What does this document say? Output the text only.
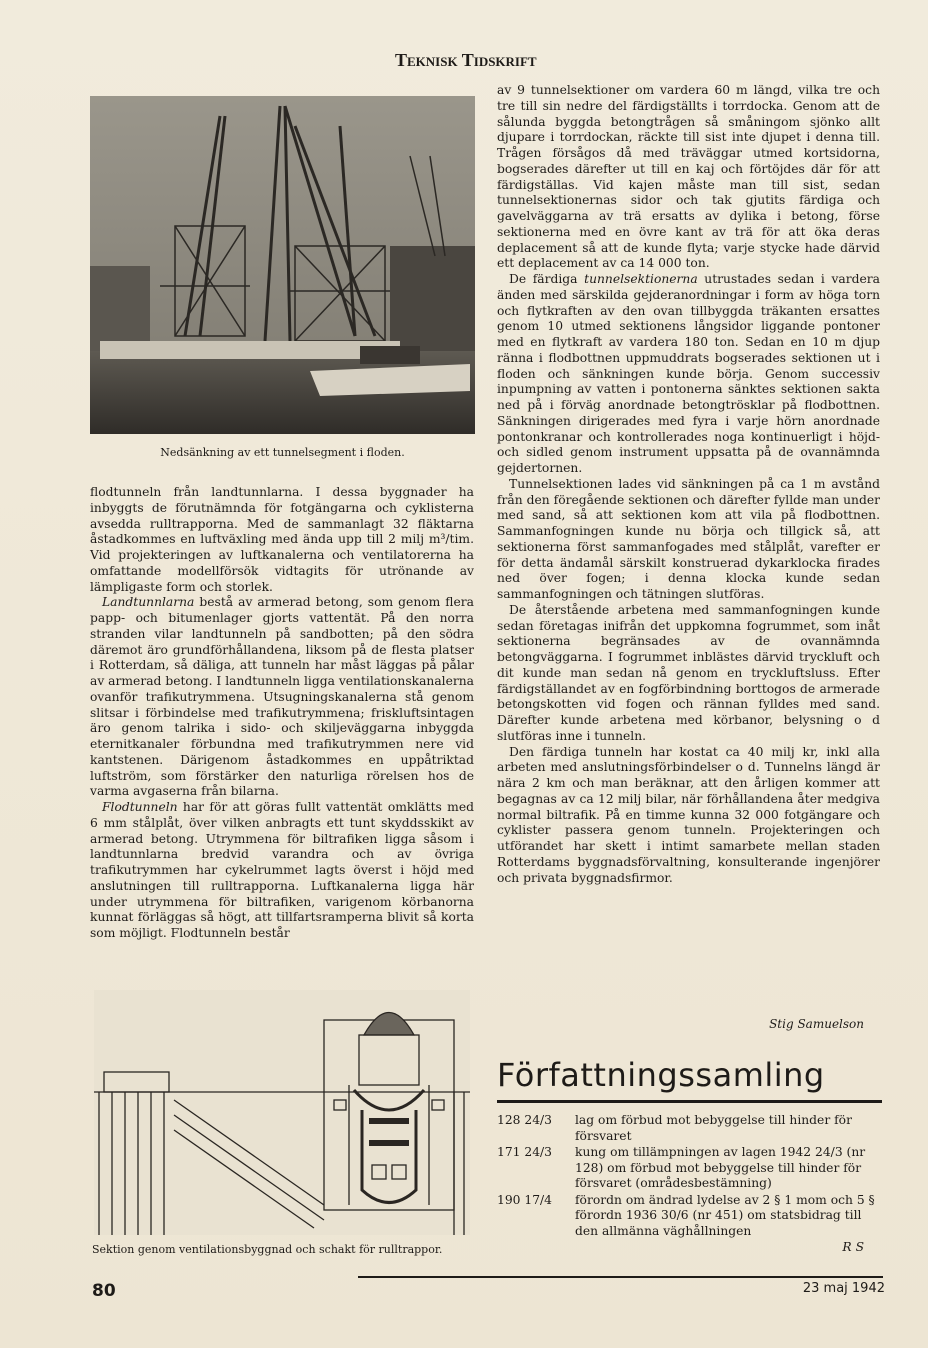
Teknisk Tidskrift
Nedsänkning av ett tunnelsegment i floden.

flodtunneln från landtunnlarna. I dessa byggnader ha inbyggts de förutnämnda för fotgängarna och cyklisterna avsedda rulltrapporna. Med de sammanlagt 32 fläktarna åstadkommes en luftväxling med ända upp till 2 milj m³/tim. Vid projekteringen av luftkanalerna och ventilatorerna ha omfattande modellförsök vidtagits för utrönande av lämpligaste form och storlek.

Landtunnlarna bestå av armerad betong, som genom flera papp- och bitumenlager gjorts vattentät. På den norra stranden vilar landtunneln på sandbotten; på den södra däremot äro grundförhållandena, liksom på de flesta platser i Rotterdam, så däliga, att tunneln har måst läggas på pålar av armerad betong. I landtunneln ligga ventilationskanalerna ovanför trafikutrymmena. Utsugningskanalerna stå genom slitsar i förbindelse med trafikutrymmena; friskluftsintagen äro genom talrika i sido- och skiljeväggarna inbyggda eternitkanaler förbundna med trafikutrymmen nere vid kantstenen. Därigenom åstadkommes en uppåtriktad luftström, som förstärker den naturliga rörelsen hos de varma avgaserna från bilarna.

Flodtunneln har för att göras fullt vattentät omklätts med 6 mm stålplåt, över vilken anbragts ett tunt skyddsskikt av armerad betong. Utrymmena för biltrafiken ligga såsom i landtunnlarna bredvid varandra och av övriga trafikutrymmen har cykelrummet lagts överst i höjd med anslutningen till rulltrapporna. Luftkanalerna ligga här under utrymmena för biltrafiken, varigenom körbanorna kunnat förläggas så högt, att tillfartsramperna blivit så korta som möjligt. Flodtunneln består

Sektion genom ventilationsbyggnad och schakt för rulltrappor.

av 9 tunnelsektioner om vardera 60 m längd, vilka tre och tre till sin nedre del färdigställts i torrdocka. Genom att de sålunda byggda betongtrågen så småningom sjönko allt djupare i torrdockan, räckte till sist inte djupet i denna till. Trågen försågos då med träväggar utmed kortsidorna, bogserades därefter ut till en kaj och förtöjdes där för att färdigställas. Vid kajen måste man till sist, sedan tunnelsektionernas sidor och tak gjutits färdiga och gavelväggarna av trä ersatts av dylika i betong, förse sektionerna med en övre kant av trä för att öka deras deplacement så att de kunde flyta; varje stycke hade därvid ett deplacement av ca 14 000 ton.

De färdiga tunnelsektionerna utrustades sedan i vardera änden med särskilda gejderanordningar i form av höga torn och flytkraften av den ovan tillbyggda träkanten ersattes genom 10 utmed sektionens långsidor liggande pontoner med en flytkraft av vardera 180 ton. Sedan en 10 m djup ränna i flodbottnen uppmuddrats bogserades sektionen ut i floden och sänkningen kunde börja. Genom successiv inpumpning av vatten i pontonerna sänktes sektionen sakta ned på i förväg anordnade betongtrösklar på flodbottnen. Sänkningen dirigerades med fyra i varje hörn anordnade pontonkranar och kontrollerades noga kontinuerligt i höjd- och sidled genom instrument uppsatta på de ovannämnda gejdertornen.

Tunnelsektionen lades vid sänkningen på ca 1 m avstånd från den föregående sektionen och därefter fyllde man under med sand, så att sektionen kom att vila på flodbottnen. Sammanfogningen kunde nu börja och tillgick så, att sektionerna först sammanfogades med stålplåt, varefter er för detta ändamål särskilt konstruerad dykarklocka firades ned över fogen; i denna klocka kunde sedan sammanfogningen och tätningen slutföras.

De återstående arbetena med sammanfogningen kunde sedan företagas inifrån det uppkomna fogrummet, som inåt sektionerna begränsades av de ovannämnda betongväggarna. I fogrummet inblästes därvid tryckluft och dit kunde man sedan nå genom en tryckluftsluss. Efter färdigställandet av en fogförbindning borttogos de armerade betongskotten vid fogen och rännan fylldes med sand. Därefter kunde arbetena med körbanor, belysning o d slutföras inne i tunneln.

Den färdiga tunneln har kostat ca 40 milj kr, inkl alla arbeten med anslutningsförbindelser o d. Tunnelns längd är nära 2 km och man beräknar, att den årligen kommer att begagnas av ca 12 milj bilar, när förhållandena åter medgiva normal biltrafik. På en timme kunna 32 000 fotgängare och cyklister passera genom tunneln. Projekteringen och utförandet har skett i intimt samarbete mellan staden Rotterdams byggnadsförvaltning, konsulterande ingenjörer och privata byggnadsfirmor.

Stig Samuelson
Författningssamling
128 24/3	lag om förbud mot bebyggelse till hinder för försvaret
171 24/3	kung om tillämpningen av lagen 1942 24/3 (nr 128) om förbud mot bebyggelse till hinder för försvaret (områdesbestämning)
190 17/4	förordn om ändrad lydelse av 2 § 1 mom och 5 § förordn 1936 30/6 (nr 451) om statsbidrag till den allmänna väghållningen
R S
80	23 maj 1942
